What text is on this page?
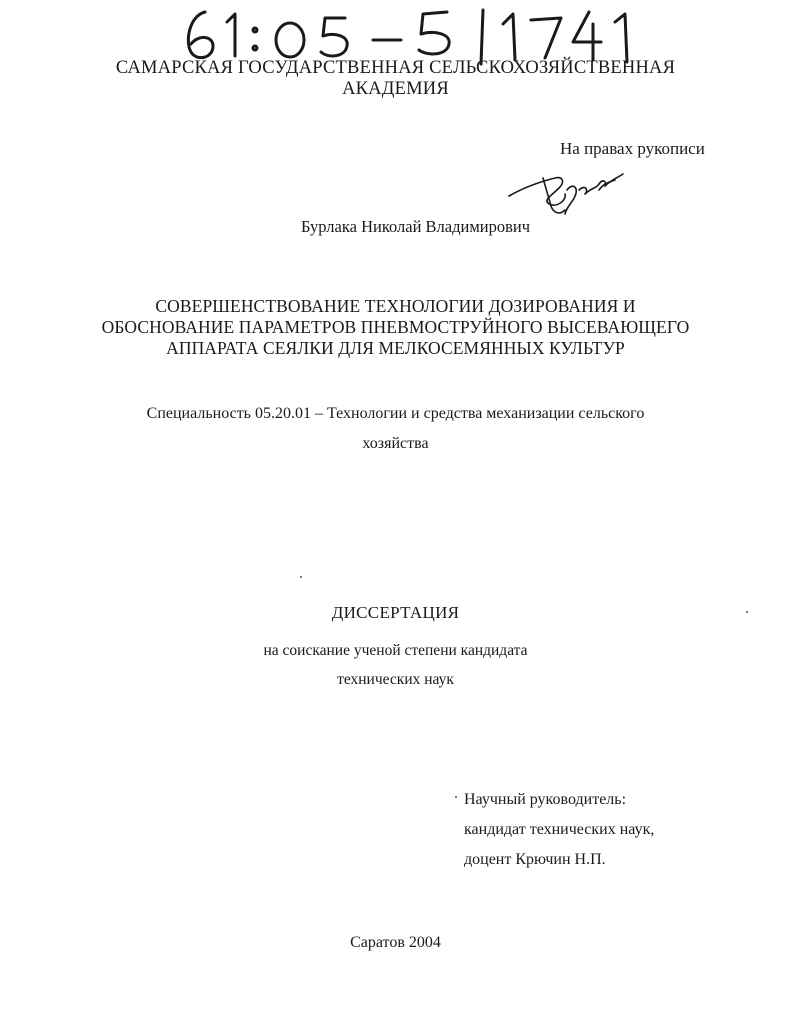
САМАРСКАЯ ГОСУДАРСТВЕННАЯ СЕЛЬСКОХОЗЯЙСТВЕННАЯ
АКАДЕМИЯ
На правах рукописи
Бурлака Николай Владимирович
СОВЕРШЕНСТВОВАНИЕ ТЕХНОЛОГИИ ДОЗИРОВАНИЯ И
ОБОСНОВАНИЕ ПАРАМЕТРОВ ПНЕВМОСТРУЙНОГО ВЫСЕВАЮЩЕГО
АППАРАТА СЕЯЛКИ ДЛЯ МЕЛКОСЕМЯННЫХ КУЛЬТУР
Специальность 05.20.01 – Технологии и средства механизации сельского
хозяйства
ДИССЕРТАЦИЯ
на соискание ученой степени кандидата
технических наук
Научный руководитель:
кандидат технических наук,
доцент Крючин Н.П.
Саратов 2004
